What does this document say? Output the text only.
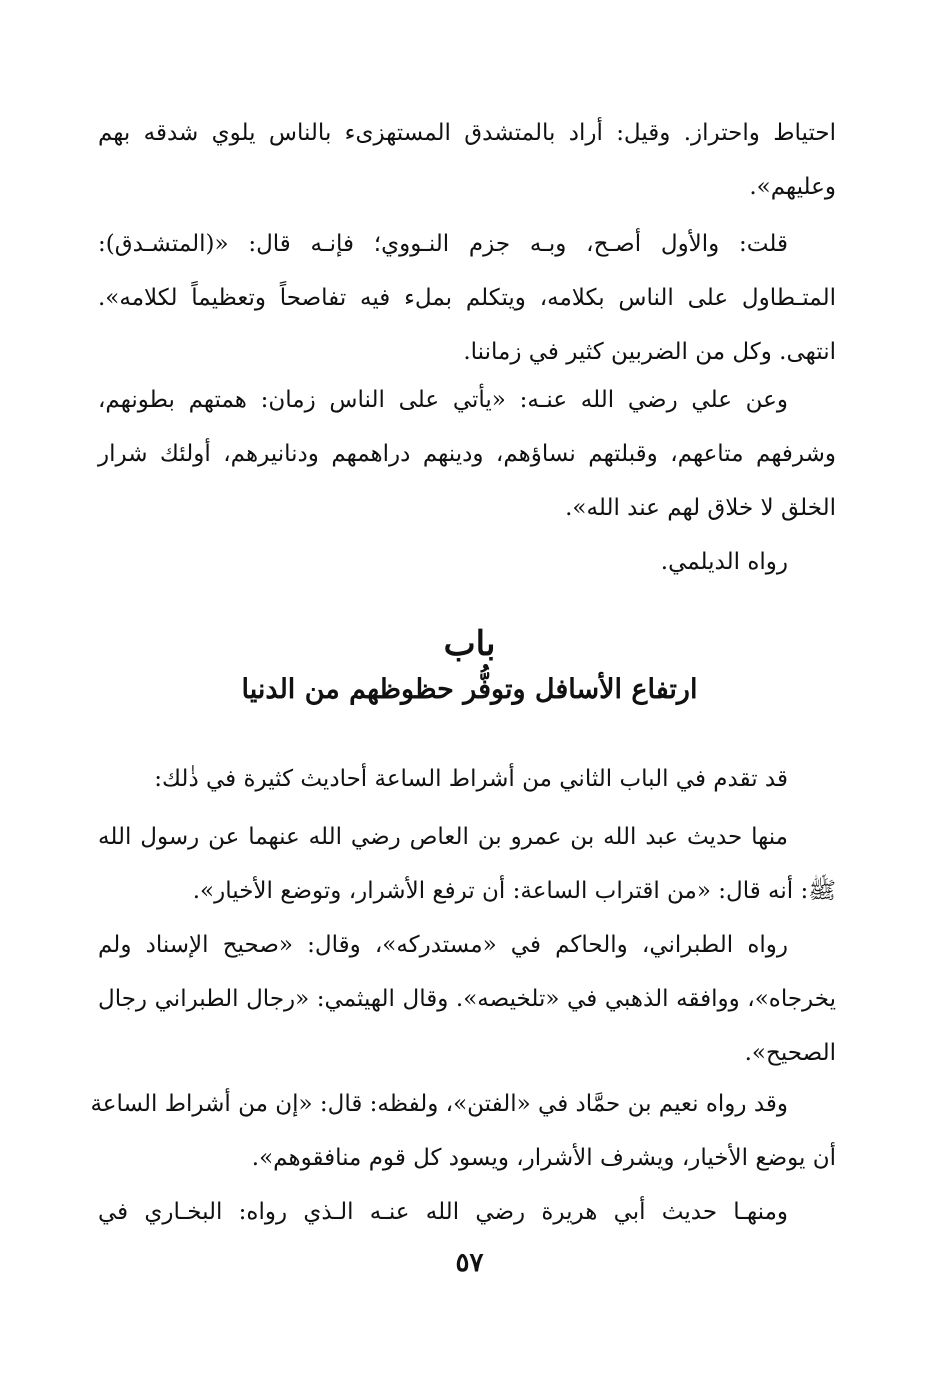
احتياط واحتراز. وقيل: أراد بالمتشدق المستهزىء بالناس يلوي شدقه بهم
وعليهم».
قلت: والأول أصـح، وبـه جزم النـووي؛ فإنـه قال: «(المتشـدق):
المتـطاول على الناس بكلامه، ويتكلم بملء فيه تفاصحاً وتعظيماً لكلامه».
انتهى. وكل من الضربين كثير في زماننا.
وعن علي رضي الله عنـه: «يأتي على الناس زمان: همتهم بطونهم،
وشرفهم متاعهم، وقبلتهم نساؤهم، ودينهم دراهمهم ودنانيرهم، أولئك شرار
الخلق لا خلاق لهم عند الله».
رواه الديلمي.
باب
ارتفاع الأسافل وتوفُّر حظوظهم من الدنيا
قد تقدم في الباب الثاني من أشراط الساعة أحاديث كثيرة في ذٰلك:
منها حديث عبد الله بن عمرو بن العاص رضي الله عنهما عن رسول الله
ﷺ: أنه قال: «من اقتراب الساعة: أن ترفع الأشرار، وتوضع الأخيار».
رواه الطبراني، والحاكم في «مستدركه»، وقال: «صحيح الإسناد ولم
يخرجاه»، ووافقه الذهبي في «تلخيصه». وقال الهيثمي: «رجال الطبراني رجال
الصحيح».
وقد رواه نعيم بن حمَّاد في «الفتن»، ولفظه: قال: «إن من أشراط الساعة
أن يوضع الأخيار، ويشرف الأشرار، ويسود كل قوم منافقوهم».
ومنهـا حديث أبي هريرة رضي الله عنـه الـذي رواه: البخـاري في
٥٧
